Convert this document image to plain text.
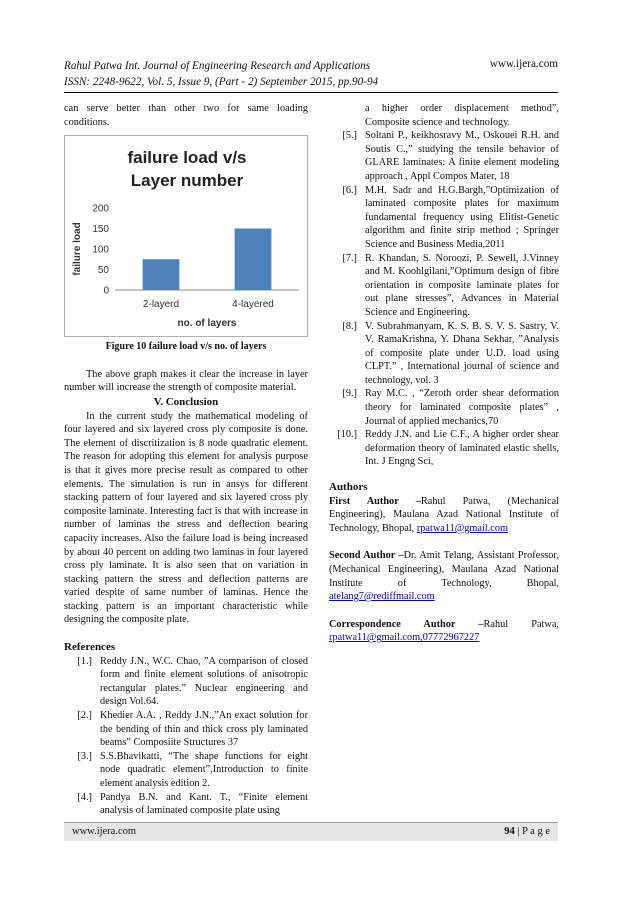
Rahul Patwa Int. Journal of Engineering Research and Applications
ISSN: 2248-9622, Vol. 5, Issue 9, (Part - 2) September 2015, pp.90-94
www.ijera.com

can serve better than other two for same loading conditions.

failure load v/s
Layer number
0
50
100
150
200
2-layerd	4-layered
no. of layers
failure load
Figure 10 failure load v/s no. of layers

The above graph makes it clear the increase in layer number will increase the strength of composite material.

V. Conclusion

In the current study the mathematical modeling of four layered and six layered cross ply composite is done. The element of discritization is 8 node quadratic element. The reason for adopting this element for analysis purpose is that it gives more precise result as compared to other elements. The simulation is run in ansys for different stacking pattern of four layered and six layered cross ply composite laminate. Interesting fact is that with increase in number of laminas the stress and deflection bearing capacity increases. Also the failure load is being increased by about 40 percent on adding two laminas in four layered cross ply laminate. It is also seen that on variation in stacking pattern the stress and deflection patterns are varied despite of same number of laminas. Hence the stacking pattern is an important characteristic while designing the composite plate.

References
[1.] Reddy J.N., W.C. Chao, ”A comparison of closed form and finite element solutions of anisotropic rectangular plates.” Nuclear engineering and design Vol.64.
[2.] Khedier A.A. , Reddy J.N.,”An exact solution for the bending of thin and thick cross ply laminated beams” Composiite Structures 37
[3.] S.S.Bhavikatti, “The shape functions for eight node quadratic element”,Introduction to finite element analysis edition 2.
[4.] Pandya B.N. and Kant. T., “Finite element analysis of laminated composite plate using
a higher order displacement method”, Composite science and technology.
[5.] Soltani P., keikhosravy M., Oskouei R.H. and Soutis C.,” studying the tensile behavior of GLARE laminates: A finite element modeling approach , Appl Compos Mater, 18
[6.] M.H. Sadr and H.G.Bargh,”Optimization of laminated composite plates for maximum fundamental frequency using Elitist-Genetic algorithm and finite strip method ; Springer Science and Business Media,2011
[7.] R. Khandan, S. Noroozi, P. Sewell, J.Vinney and M. Koohlgilani,”Optimum design of fibre orientation in composite laminate plates for out plane stresses”, Advances in Material Science and Engineering.
[8.] V. Subrahmanyam, K. S. B. S. V. S. Sastry, V. V. RamaKrishna, Y. Dhana Sekhar, ”Analysis of composite plate under U.D. load using CLPT.” , International journal of science and technology, vol. 3
[9.] Ray M.C. , “Zeroth order shear deformation theory for laminated composite plates” , Journal of applied mechanics,70
[10.] Reddy J.N. and Lie C.F., A higher order shear deformation theory of laminated elastic shells, Int. J Engng Sci,
Authors

First Author –Rahul Patwa, (Mechanical Engineering), Maulana Azad National Institute of Technology, Bhopal, rpatwa11@gmail.com

Second Author –Dr. Amit Telang, Assistant Professor, (Mechanical Engineering), Maulana Azad National Institute of Technology, Bhopal, atelang7@rediffmail.com

Correspondence Author –Rahul Patwa, rpatwa11@gmail.com,07772967227

www.ijera.com	94 | P a g e
